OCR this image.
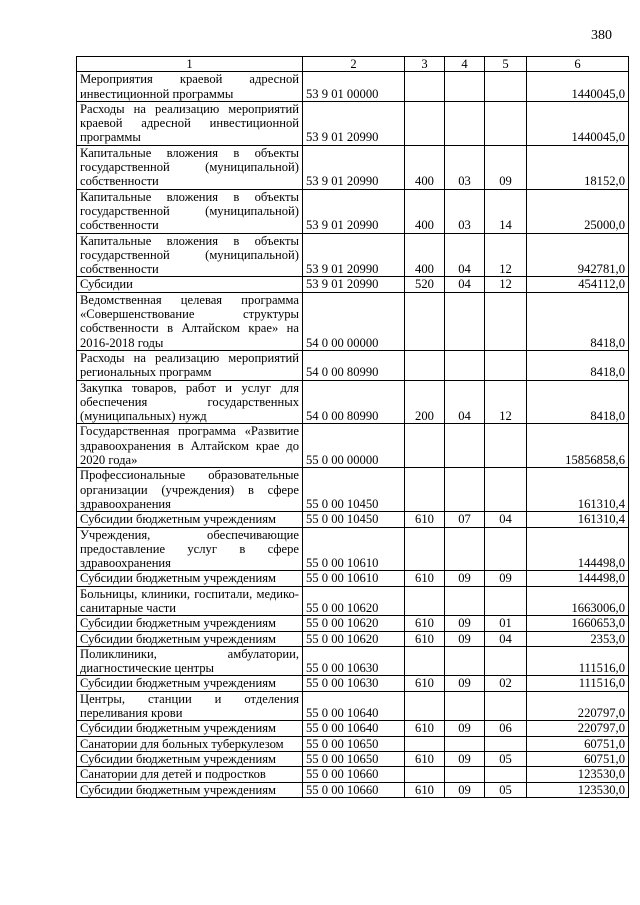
380
1	2	3	4	5	6
Мероприятия краевой адресной инвестиционной программы	53 9 01 00000				1440045,0
Расходы на реализацию мероприятий краевой адресной инвестиционной программы	53 9 01 20990				1440045,0
Капитальные вложения в объекты государственной (муниципальной) собственности	53 9 01 20990	400	03	09	18152,0
Капитальные вложения в объекты государственной (муниципальной) собственности	53 9 01 20990	400	03	14	25000,0
Капитальные вложения в объекты государственной (муниципальной) собственности	53 9 01 20990	400	04	12	942781,0
Субсидии	53 9 01 20990	520	04	12	454112,0
Ведомственная целевая программа «Совершенствование структуры собственности в Алтайском крае» на 2016-2018 годы	54 0 00 00000				8418,0
Расходы на реализацию мероприятий региональных программ	54 0 00 80990				8418,0
Закупка товаров, работ и услуг для обеспечения государственных (муниципальных) нужд	54 0 00 80990	200	04	12	8418,0
Государственная программа «Развитие здравоохранения в Алтайском крае до 2020 года»	55 0 00 00000				15856858,6
Профессиональные образовательные организации (учреждения) в сфере здравоохранения	55 0 00 10450				161310,4
Субсидии бюджетным учреждениям	55 0 00 10450	610	07	04	161310,4
Учреждения, обеспечивающие предоставление услуг в сфере здравоохранения	55 0 00 10610				144498,0
Субсидии бюджетным учреждениям	55 0 00 10610	610	09	09	144498,0
Больницы, клиники, госпитали, медико-санитарные части	55 0 00 10620				1663006,0
Субсидии бюджетным учреждениям	55 0 00 10620	610	09	01	1660653,0
Субсидии бюджетным учреждениям	55 0 00 10620	610	09	04	2353,0
Поликлиники, амбулатории, диагностические центры	55 0 00 10630				111516,0
Субсидии бюджетным учреждениям	55 0 00 10630	610	09	02	111516,0
Центры, станции и отделения переливания крови	55 0 00 10640				220797,0
Субсидии бюджетным учреждениям	55 0 00 10640	610	09	06	220797,0
Санатории для больных туберкулезом	55 0 00 10650				60751,0
Субсидии бюджетным учреждениям	55 0 00 10650	610	09	05	60751,0
Санатории для детей и подростков	55 0 00 10660				123530,0
Субсидии бюджетным учреждениям	55 0 00 10660	610	09	05	123530,0
